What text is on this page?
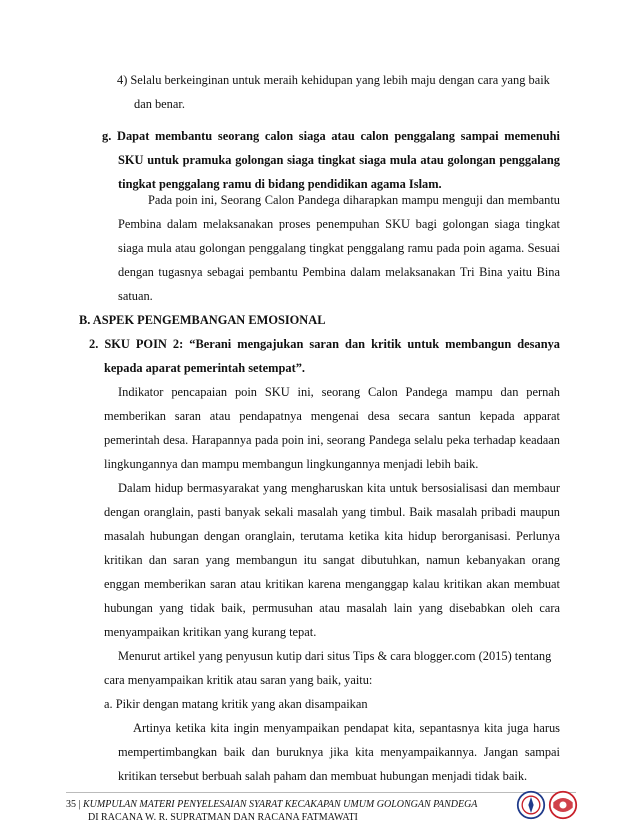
4) Selalu berkeinginan untuk meraih kehidupan yang lebih maju dengan cara yang baik
dan benar.
g. Dapat membantu seorang calon siaga atau calon penggalang sampai memenuhi
SKU untuk pramuka golongan siaga tingkat siaga mula atau golongan penggalang
tingkat penggalang ramu di bidang pendidikan agama Islam.
Pada poin ini, Seorang Calon Pandega diharapkan mampu menguji dan membantu
Pembina dalam melaksanakan proses penempuhan SKU bagi golongan siaga tingkat
siaga mula atau golongan penggalang tingkat penggalang ramu pada poin agama. Sesuai
dengan tugasnya sebagai pembantu Pembina dalam melaksanakan Tri Bina yaitu Bina
satuan.
B. ASPEK PENGEMBANGAN EMOSIONAL
2. SKU POIN 2: “Berani mengajukan saran dan kritik untuk membangun desanya
kepada aparat pemerintah setempat”.
Indikator pencapaian poin SKU ini, seorang Calon Pandega mampu dan pernah
memberikan saran atau pendapatnya mengenai desa secara santun kepada apparat
pemerintah desa. Harapannya pada poin ini, seorang Pandega selalu peka terhadap keadaan
lingkungannya dan mampu membangun lingkungannya menjadi lebih baik.
Dalam hidup bermasyarakat yang mengharuskan kita untuk bersosialisasi dan membaur
dengan oranglain, pasti banyak sekali masalah yang timbul. Baik masalah pribadi maupun
masalah hubungan dengan oranglain, terutama ketika kita hidup berorganisasi. Perlunya
kritikan dan saran yang membangun itu sangat dibutuhkan, namun kebanyakan orang
enggan memberikan saran atau kritikan karena menganggap kalau kritikan akan membuat
hubungan yang tidak baik, permusuhan atau masalah lain yang disebabkan oleh cara
menyampaikan kritikan yang kurang tepat.
Menurut artikel yang penyusun kutip dari situs Tips & cara blogger.com (2015) tentang
cara menyampaikan kritik atau saran yang baik, yaitu:
a. Pikir dengan matang kritik yang akan disampaikan
Artinya ketika kita ingin menyampaikan pendapat kita, sepantasnya kita juga harus
mempertimbangkan baik dan buruknya jika kita menyampaikannya. Jangan sampai
kritikan tersebut berbuah salah paham dan membuat hubungan menjadi tidak baik.
35 | KUMPULAN MATERI PENYELESAIAN SYARAT KECAKAPAN UMUM GOLONGAN PANDEGA
DI RACANA W. R. SUPRATMAN DAN RACANA FATMAWATI
